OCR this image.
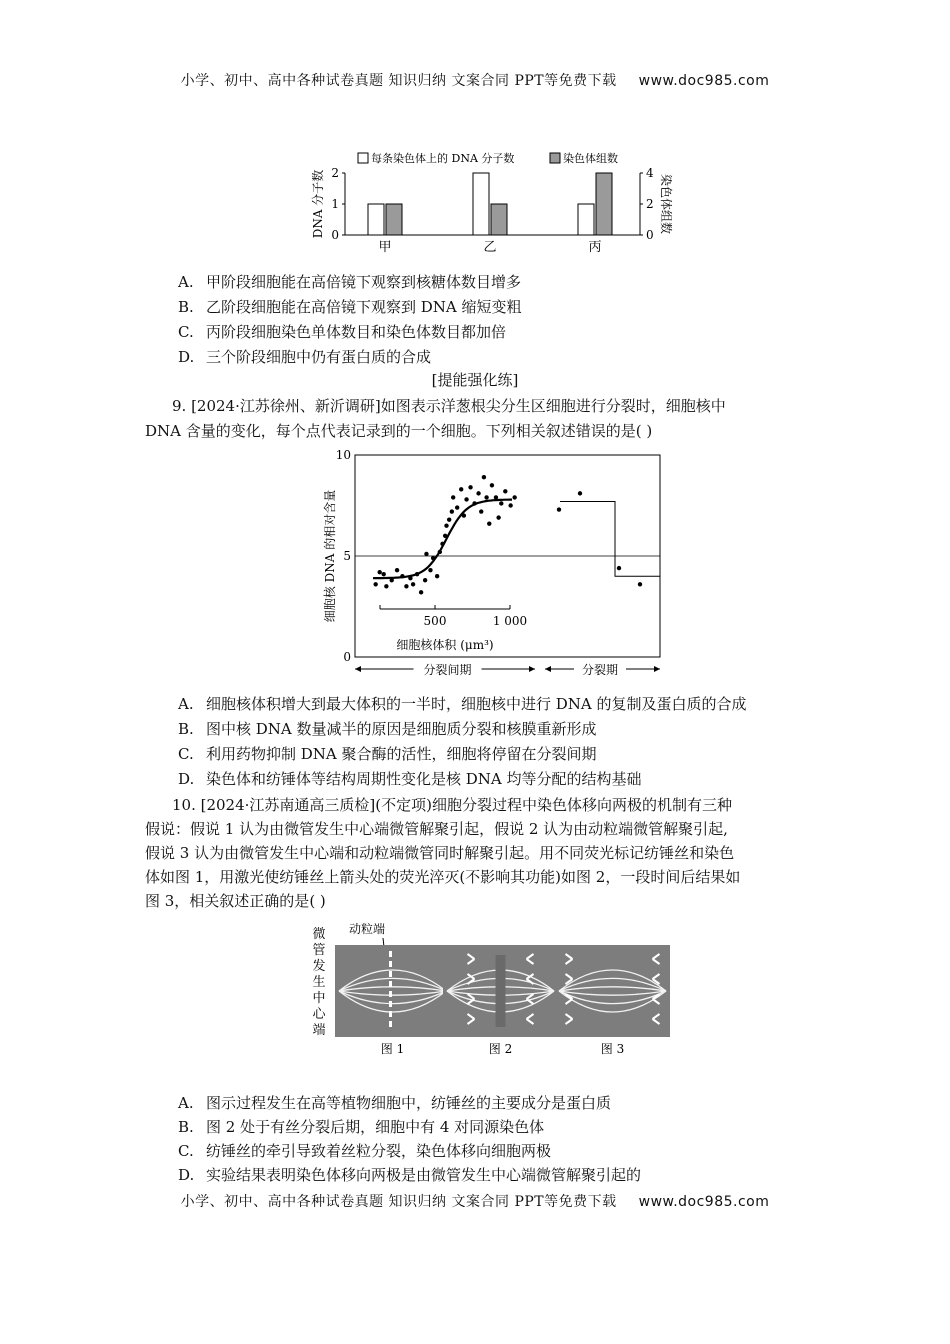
小学、初中、高中各种试卷真题 知识归纳 文案合同 PPT等免费下载 www.doc985.com
0
1
2
0
2
4
DNA 分子数	染色体组数
每条染色体上的 DNA 分子数	染色体组数
甲	乙	丙
A. 甲阶段细胞能在高倍镜下观察到核糖体数目增多
B. 乙阶段细胞能在高倍镜下观察到 DNA 缩短变粗
C. 丙阶段细胞染色单体数目和染色体数目都加倍
D. 三个阶段细胞中仍有蛋白质的合成
[提能强化练]
9. [2024·江苏徐州、新沂调研]如图表示洋葱根尖分生区细胞进行分裂时，细胞核中
DNA 含量的变化，每个点代表记录到的一个细胞。下列相关叙述错误的是( )
0
5
10
细胞核 DNA 的相对含量	500	1 000
细胞核体积 (μm³)
分裂间期	分裂期
A. 细胞核体积增大到最大体积的一半时，细胞核中进行 DNA 的复制及蛋白质的合成
B. 图中核 DNA 数量减半的原因是细胞质分裂和核膜重新形成
C. 利用药物抑制 DNA 聚合酶的活性，细胞将停留在分裂间期
D. 染色体和纺锤体等结构周期性变化是核 DNA 均等分配的结构基础
10. [2024·江苏南通高三质检](不定项)细胞分裂过程中染色体移向两极的机制有三种
假说：假说 1 认为由微管发生中心端微管解聚引起，假说 2 认为由动粒端微管解聚引起,
假说 3 认为由微管发生中心端和动粒端微管同时解聚引起。用不同荧光标记纺锤丝和染色
体如图 1，用激光使纺锤丝上箭头处的荧光淬灭(不影响其功能)如图 2，一段时间后结果如
图 3，相关叙述正确的是( )
微
管
发
生
中
心
端
动粒端
图 1	图 2	图 3
A. 图示过程发生在高等植物细胞中，纺锤丝的主要成分是蛋白质
B. 图 2 处于有丝分裂后期，细胞中有 4 对同源染色体
C. 纺锤丝的牵引导致着丝粒分裂，染色体移向细胞两极
D. 实验结果表明染色体移向两极是由微管发生中心端微管解聚引起的
小学、初中、高中各种试卷真题 知识归纳 文案合同 PPT等免费下载 www.doc985.com
